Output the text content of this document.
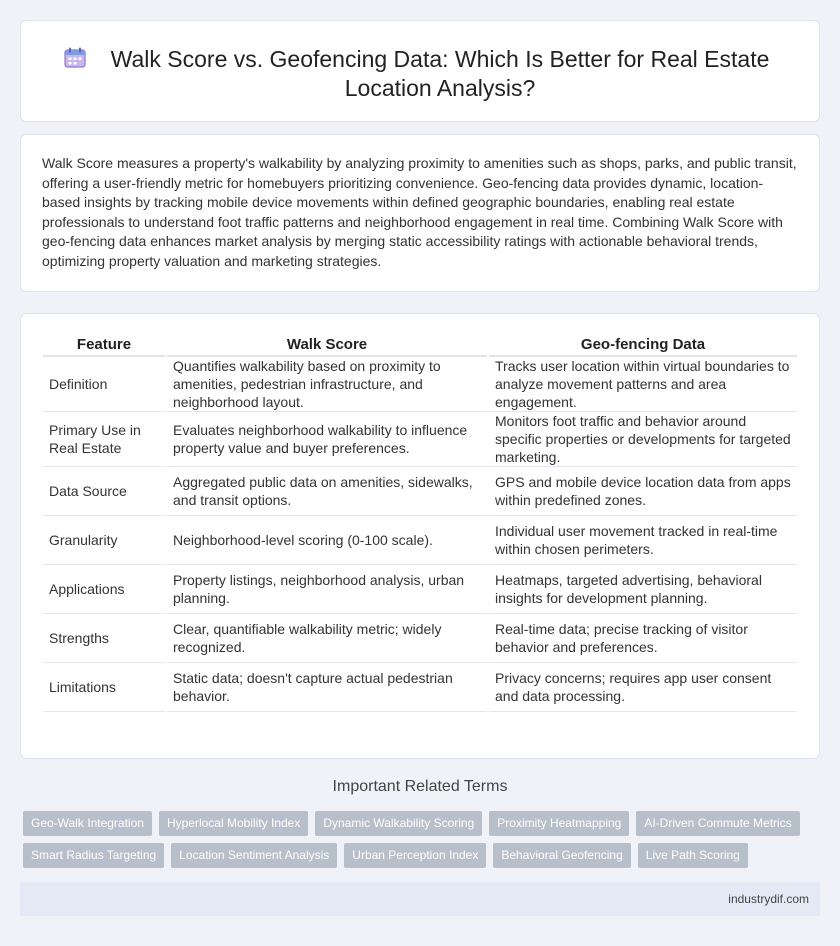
Walk Score vs. Geofencing Data: Which Is Better for Real Estate Location Analysis?

Walk Score measures a property's walkability by analyzing proximity to amenities such as shops, parks, and public transit, offering a user-friendly metric for homebuyers prioritizing convenience. Geo-fencing data provides dynamic, location-based insights by tracking mobile device movements within defined geographic boundaries, enabling real estate professionals to understand foot traffic patterns and neighborhood engagement in real time. Combining Walk Score with geo-fencing data enhances market analysis by merging static accessibility ratings with actionable behavioral trends, optimizing property valuation and marketing strategies.

Feature	Walk Score	Geo-fencing Data
Definition	Quantifies walkability based on proximity to amenities, pedestrian infrastructure, and neighborhood layout.	Tracks user location within virtual boundaries to analyze movement patterns and area engagement.
Primary Use in Real Estate	Evaluates neighborhood walkability to influence property value and buyer preferences.	Monitors foot traffic and behavior around specific properties or developments for targeted marketing.
Data Source	Aggregated public data on amenities, sidewalks, and transit options.	GPS and mobile device location data from apps within predefined zones.
Granularity	Neighborhood-level scoring (0-100 scale).	Individual user movement tracked in real-time within chosen perimeters.
Applications	Property listings, neighborhood analysis, urban planning.	Heatmaps, targeted advertising, behavioral insights for development planning.
Strengths	Clear, quantifiable walkability metric; widely recognized.	Real-time data; precise tracking of visitor behavior and preferences.
Limitations	Static data; doesn't capture actual pedestrian behavior.	Privacy concerns; requires app user consent and data processing.
Important Related Terms
Geo-Walk Integration	Hyperlocal Mobility Index	Dynamic Walkability Scoring	Proximity Heatmapping	AI-Driven Commute Metrics
Smart Radius Targeting	Location Sentiment Analysis	Urban Perception Index	Behavioral Geofencing	Live Path Scoring
industrydif.com
